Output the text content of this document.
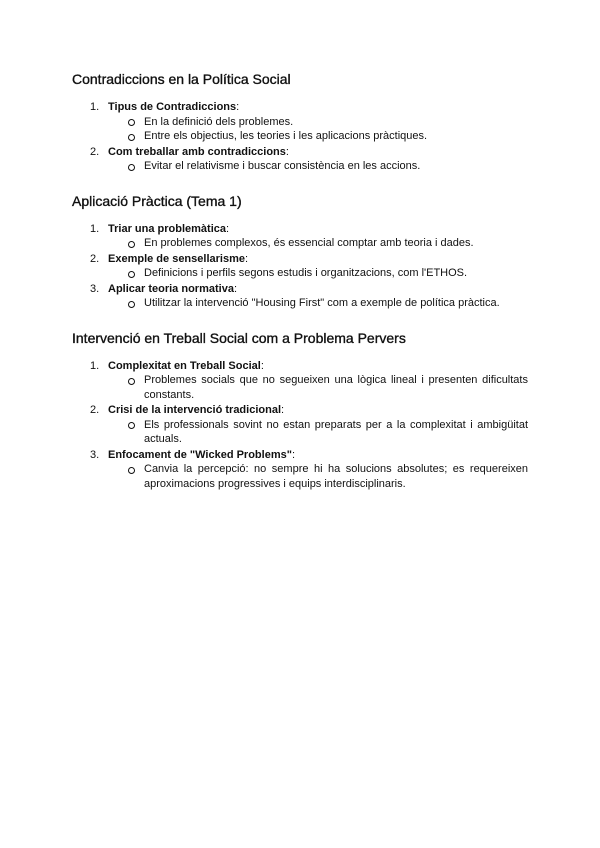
Contradiccions en la Política Social
1. Tipus de Contradiccions:
En la definició dels problemes.
Entre els objectius, les teories i les aplicacions pràctiques.
2. Com treballar amb contradiccions:
Evitar el relativisme i buscar consistència en les accions.
Aplicació Pràctica (Tema 1)
1. Triar una problemàtica:
En problemes complexos, és essencial comptar amb teoria i dades.
2. Exemple de sensellarisme:
Definicions i perfils segons estudis i organitzacions, com l'ETHOS.
3. Aplicar teoria normativa:
Utilitzar la intervenció "Housing First" com a exemple de política pràctica.
Intervenció en Treball Social com a Problema Pervers
1. Complexitat en Treball Social:
Problemes socials que no segueixen una lògica lineal i presenten dificultats constants.
2. Crisi de la intervenció tradicional:
Els professionals sovint no estan preparats per a la complexitat i ambigüitat actuals.
3. Enfocament de "Wicked Problems":
Canvia la percepció: no sempre hi ha solucions absolutes; es requereixen aproximacions progressives i equips interdisciplinaris.
